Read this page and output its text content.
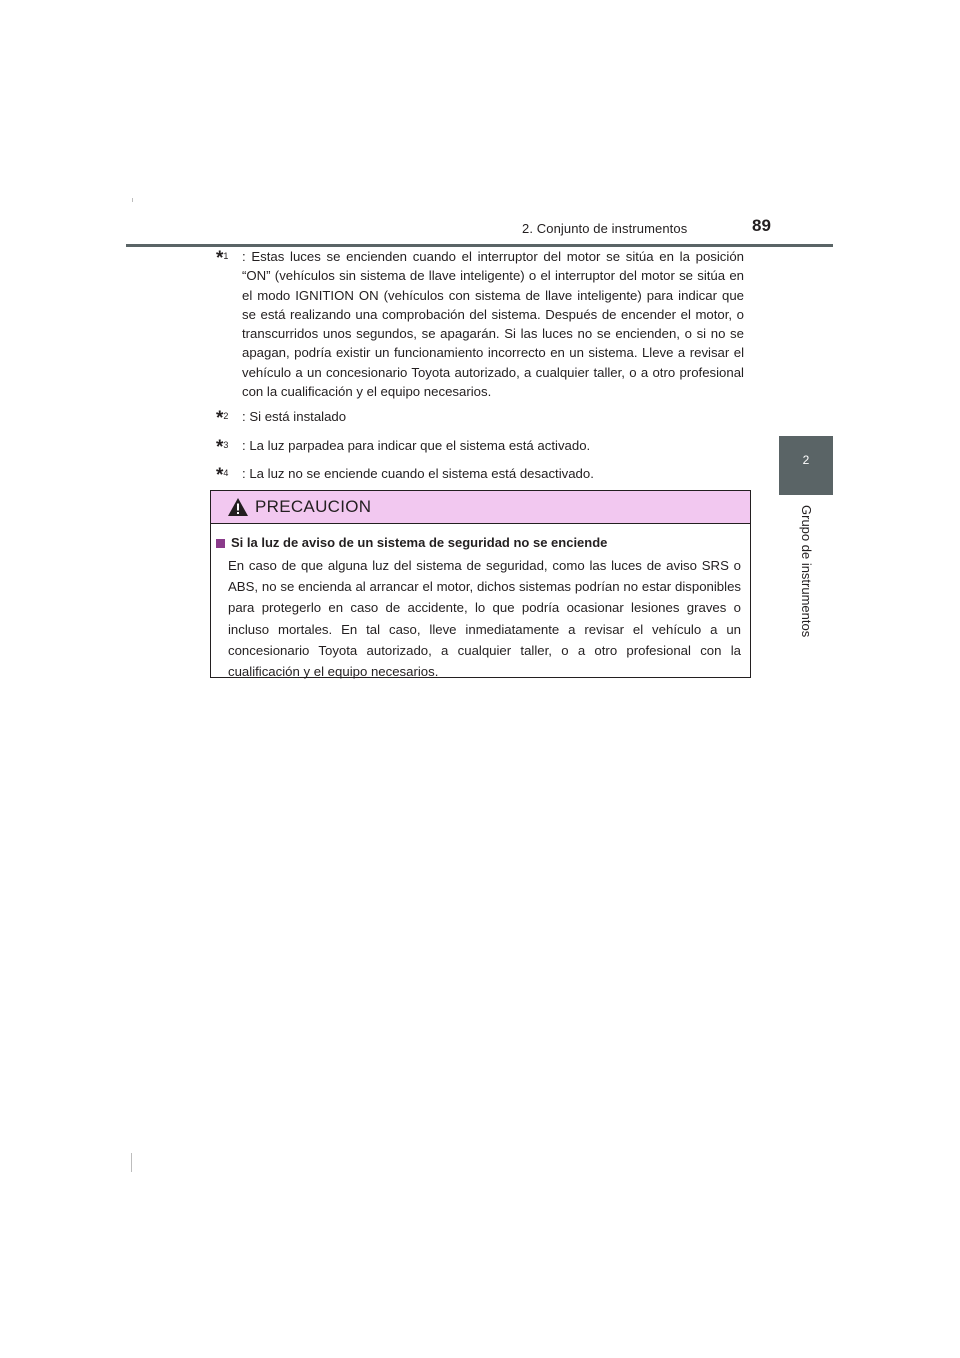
2. Conjunto de instrumentos	89
2
Grupo de instrumentos
*$^1$	: Estas luces se encienden cuando el interruptor del motor se sitúa en la posición “ON” (vehículos sin sistema de llave inteligente) o el interruptor del motor se sitúa en el modo IGNITION ON (vehículos con sistema de llave inteligente) para indicar que se está realizando una comprobación del sistema. Después de encender el motor, o transcurridos unos segundos, se apagarán. Si las luces no se encienden, o si no se apagan, podría existir un funcionamiento incorrecto en un sistema. Lleve a revisar el vehículo a un concesionario Toyota autorizado, a cualquier taller, o a otro profesional con la cualificación y el equipo necesarios.
*$^2$	: Si está instalado
*$^3$	: La luz parpadea para indicar que el sistema está activado.
*$^4$	: La luz no se enciende cuando el sistema está desactivado.
PRECAUCION
Si la luz de aviso de un sistema de seguridad no se enciende
En caso de que alguna luz del sistema de seguridad, como las luces de aviso SRS o ABS, no se encienda al arrancar el motor, dichos sistemas podrían no estar disponibles para protegerlo en caso de accidente, lo que podría ocasionar lesiones graves o incluso mortales. En tal caso, lleve inmediatamente a revisar el vehículo a un concesionario Toyota autorizado, a cualquier taller, o a otro profesional con la cualificación y el equipo necesarios.
